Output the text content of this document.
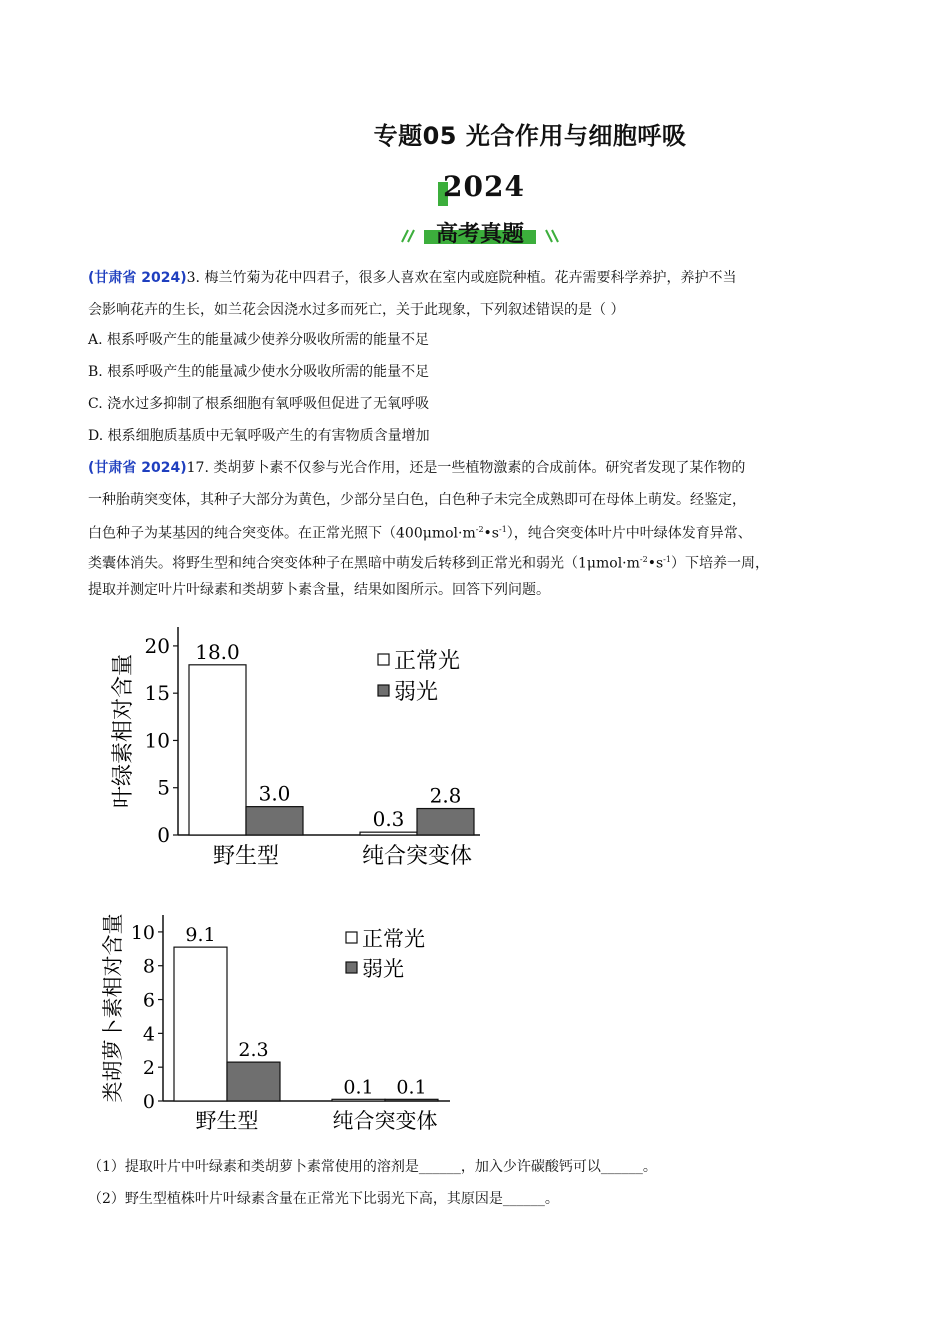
专题05 光合作用与细胞呼吸
2024
高考真题
(甘肃省 2024)3. 梅兰竹菊为花中四君子，很多人喜欢在室内或庭院种植。花卉需要科学养护，养护不当
会影响花卉的生长，如兰花会因浇水过多而死亡，关于此现象，下列叙述错误的是（ ）
A. 根系呼吸产生的能量减少使养分吸收所需的能量不足
B. 根系呼吸产生的能量减少使水分吸收所需的能量不足
C. 浇水过多抑制了根系细胞有氧呼吸但促进了无氧呼吸
D. 根系细胞质基质中无氧呼吸产生的有害物质含量增加
(甘肃省 2024)17. 类胡萝卜素不仅参与光合作用，还是一些植物激素的合成前体。研究者发现了某作物的
一种胎萌突变体，其种子大部分为黄色，少部分呈白色，白色种子未完全成熟即可在母体上萌发。经鉴定，
白色种子为某基因的纯合突变体。在正常光照下$(400\mu mol\cdot m^{-2}•s^{-1})$，纯合突变体叶片中叶绿体发育异常、
类囊体消失。将野生型和纯合突变体种子在黑暗中萌发后转移到正常光和弱光$(1\mu mol\cdot m^{-2}•s^{-1})$下培养一周，
提取并测定叶片叶绿素和类胡萝卜素含量，结果如图所示。回答下列问题。
叶绿素相对含量
0
5
10
15
20 18.0
3.0
野生型
0.3
2.8
纯合突变体
正常光
弱光
类胡萝卜素相对含量 0
2
4
6
8
10 9.1
2.3
野生型
0.1 0.1
纯合突变体
正常光
弱光
（1）提取叶片中叶绿素和类胡萝卜素常使用的溶剂是______，加入少许碳酸钙可以______。
（2）野生型植株叶片叶绿素含量在正常光下比弱光下高，其原因是______。
